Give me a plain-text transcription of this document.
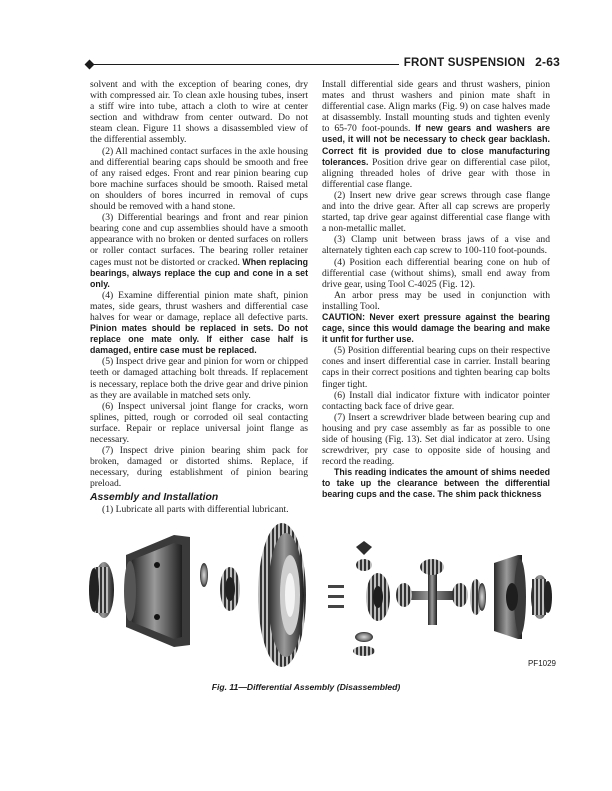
FRONT SUSPENSION 2-63

solvent and with the exception of bearing cones, dry with compressed air. To clean axle housing tubes, insert a stiff wire into tube, attach a cloth to wire at center section and withdraw from center outward. Do not steam clean. Figure 11 shows a disassembled view of the differential assembly.

(2) All machined contact surfaces in the axle housing and differential bearing caps should be smooth and free of any raised edges. Front and rear pinion bearing cup bore machine surfaces should be smooth. Raised metal on shoulders of bores incurred in removal of cups should be removed with a hand stone.

(3) Differential bearings and front and rear pinion bearing cone and cup assemblies should have a smooth appearance with no broken or dented surfaces on rollers or roller contact surfaces. The bearing roller retainer cages must not be distorted or cracked. When replacing bearings, always replace the cup and cone in a set only.

(4) Examine differential pinion mate shaft, pinion mates, side gears, thrust washers and differential case halves for wear or damage, replace all defective parts. Pinion mates should be replaced in sets. Do not replace one mate only. If either case half is damaged, entire case must be replaced.

(5) Inspect drive gear and pinion for worn or chipped teeth or damaged attaching bolt threads. If replacement is necessary, replace both the drive gear and drive pinion as they are available in matched sets only.

(6) Inspect universal joint flange for cracks, worn splines, pitted, rough or corroded oil seal contacting surface. Repair or replace universal joint flange as necessary.

(7) Inspect drive pinion bearing shim pack for broken, damaged or distorted shims. Replace, if necessary, during establishment of pinion bearing preload.

Assembly and Installation

(1) Lubricate all parts with differential lubricant.

Install differential side gears and thrust washers, pinion mates and thrust washers and pinion mate shaft in differential case. Align marks (Fig. 9) on case halves made at disassembly. Install mounting studs and tighten evenly to 65-70 foot-pounds. If new gears and washers are used, it will not be necessary to check gear backlash. Correct fit is provided due to close manufacturing tolerances. Position drive gear on differential case pilot, aligning threaded holes of drive gear with those in differential case flange.

(2) Insert new drive gear screws through case flange and into the drive gear. After all cap screws are properly started, tap drive gear against differential case flange with a non-metallic mallet.

(3) Clamp unit between brass jaws of a vise and alternately tighten each cap screw to 100-110 foot-pounds.

(4) Position each differential bearing cone on hub of differential case (without shims), small end away from drive gear, using Tool C-4025 (Fig. 12).

An arbor press may be used in conjunction with installing Tool.

CAUTION: Never exert pressure against the bearing cage, since this would damage the bearing and make it unfit for further use.

(5) Position differential bearing cups on their respective cones and insert differential case in carrier. Install bearing caps in their correct positions and tighten bearing cap bolts finger tight.

(6) Install dial indicator fixture with indicator pointer contacting back face of drive gear.

(7) Insert a screwdriver blade between bearing cup and housing and pry case assembly as far as possible to one side of housing (Fig. 13). Set dial indicator at zero. Using screwdriver, pry case to opposite side of housing and record the reading.

This reading indicates the amount of shims needed to take up the clearance between the differential bearing cups and the case. The shim pack thickness

PF1029
Fig. 11—Differential Assembly (Disassembled)
